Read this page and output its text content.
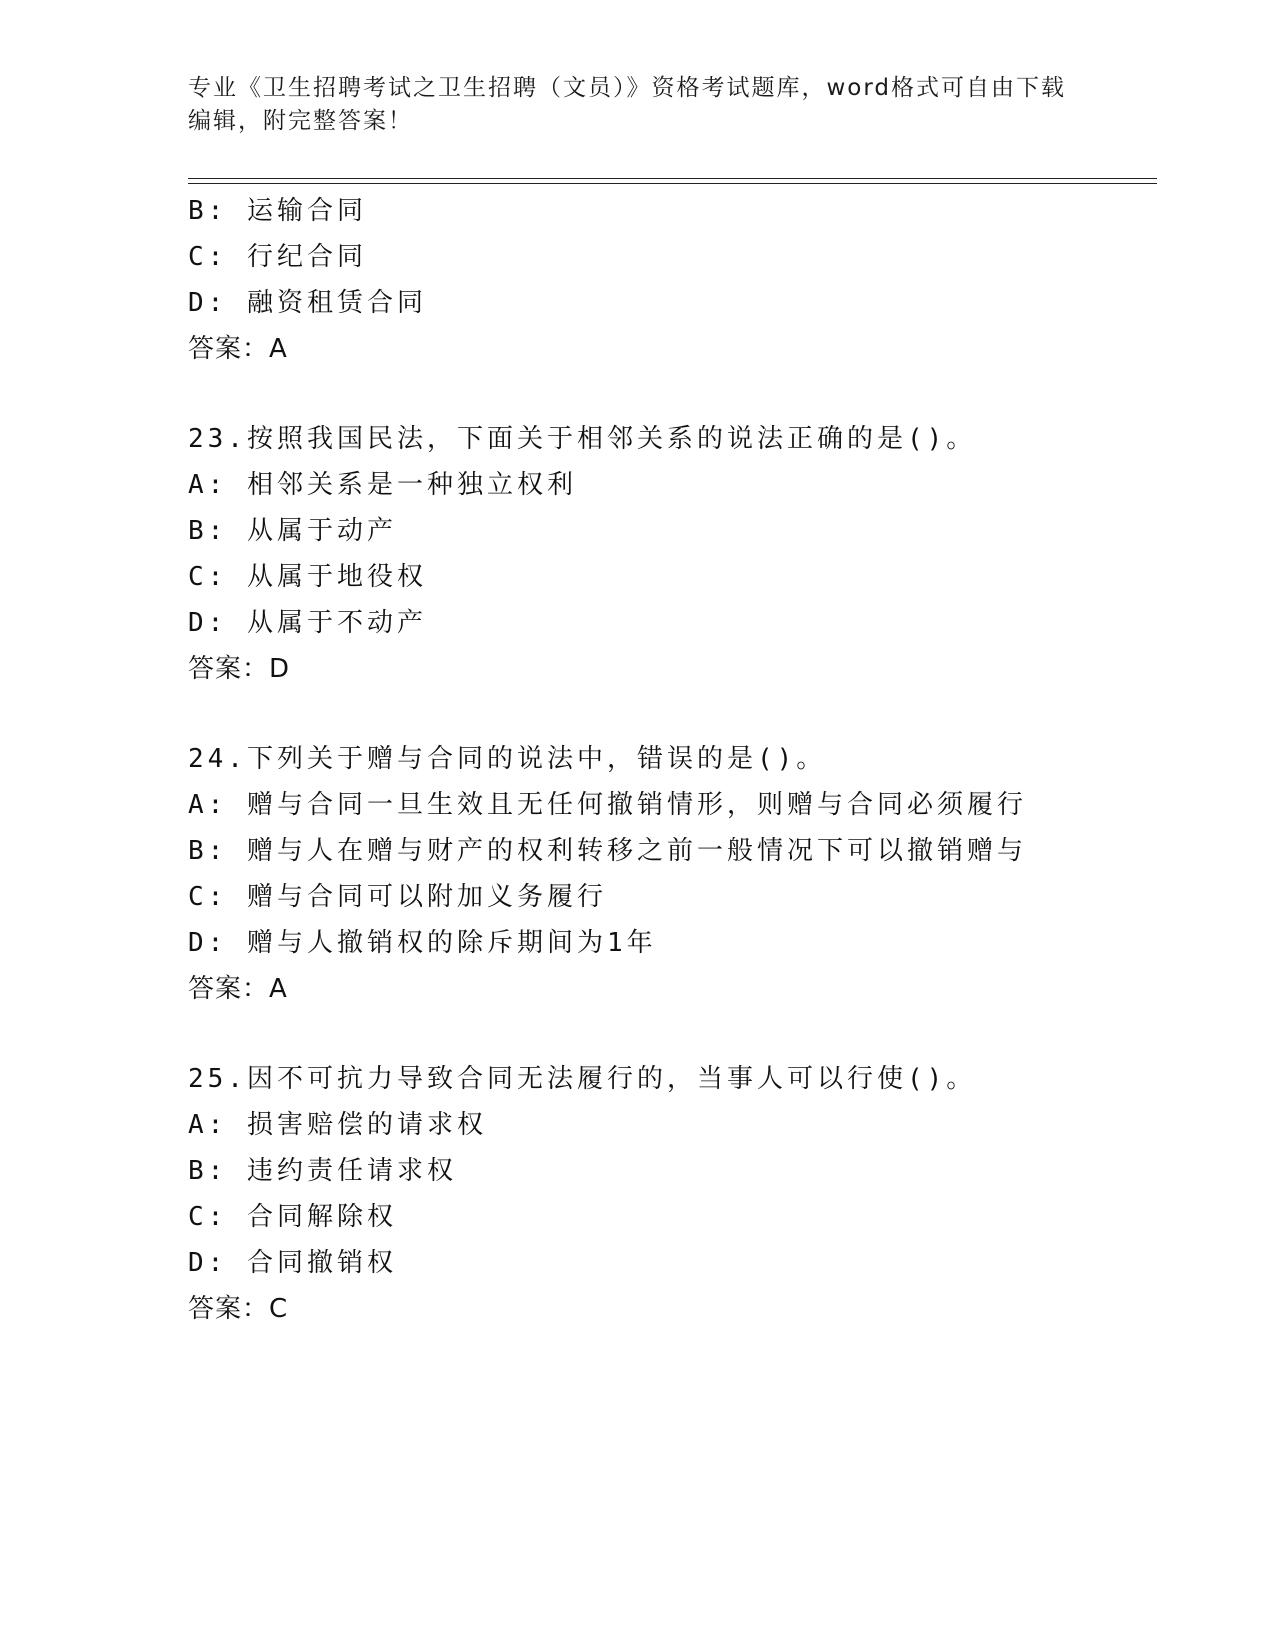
专业《卫生招聘考试之卫生招聘（文员）》资格考试题库，word格式可自由下载
编辑，附完整答案！
B: 运输合同
C: 行纪合同
D: 融资租赁合同
答案：A
23.按照我国民法，下面关于相邻关系的说法正确的是()。
A: 相邻关系是一种独立权利
B: 从属于动产
C: 从属于地役权
D: 从属于不动产
答案：D
24.下列关于赠与合同的说法中，错误的是()。
A: 赠与合同一旦生效且无任何撤销情形，则赠与合同必须履行
B: 赠与人在赠与财产的权利转移之前一般情况下可以撤销赠与
C: 赠与合同可以附加义务履行
D: 赠与人撤销权的除斥期间为1年
答案：A
25.因不可抗力导致合同无法履行的，当事人可以行使()。
A: 损害赔偿的请求权
B: 违约责任请求权
C: 合同解除权
D: 合同撤销权
答案：C
